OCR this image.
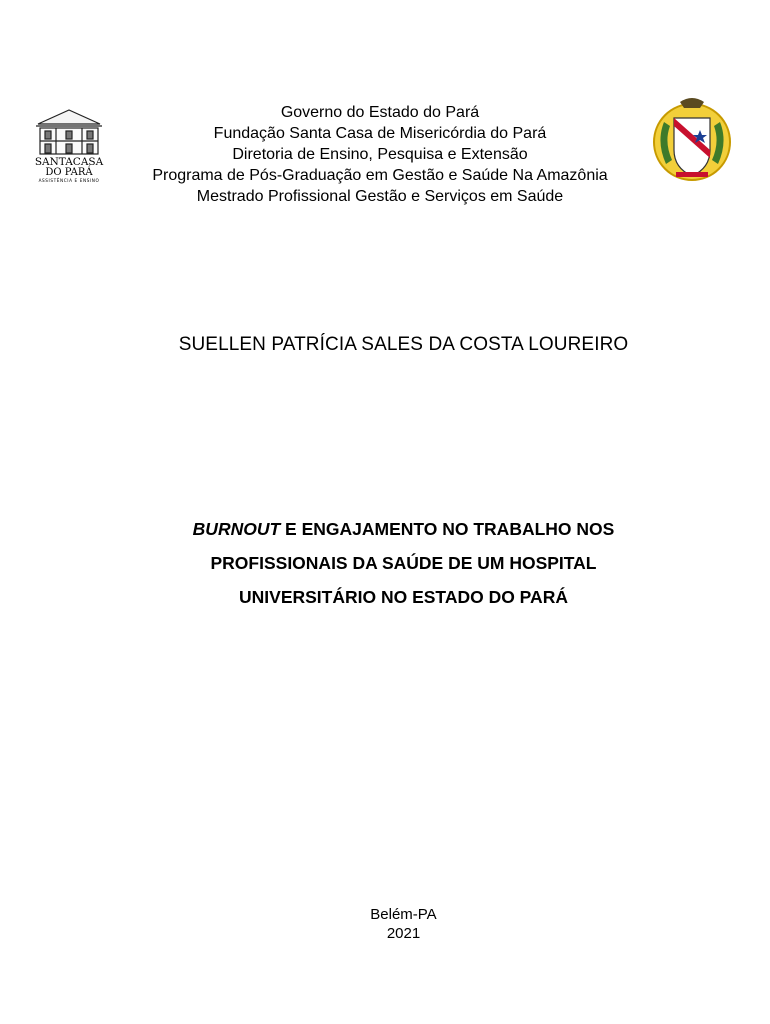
SANTACASA
DO PARÁ
ASSISTÊNCIA E ENSINO
Governo do Estado do Pará
Fundação Santa Casa de Misericórdia do Pará
Diretoria de Ensino, Pesquisa e Extensão
Programa de Pós-Graduação em Gestão e Saúde Na Amazônia
Mestrado Profissional Gestão e Serviços em Saúde
SUELLEN PATRÍCIA SALES DA COSTA LOUREIRO
BURNOUT E ENGAJAMENTO NO TRABALHO NOS
PROFISSIONAIS DA SAÚDE DE UM HOSPITAL
UNIVERSITÁRIO NO ESTADO DO PARÁ
Belém-PA
2021
